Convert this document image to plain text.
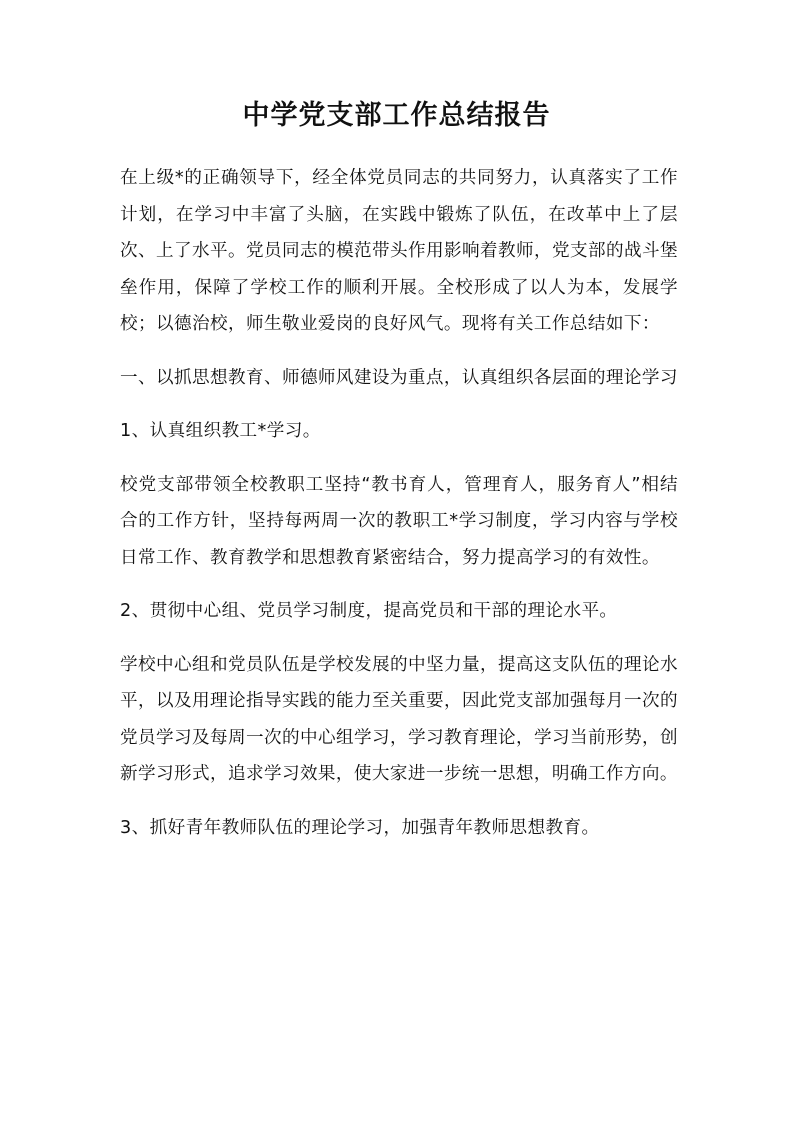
中学党支部工作总结报告

在上级*的正确领导下，经全体党员同志的共同努力，认真落实了工作计划，在学习中丰富了头脑，在实践中锻炼了队伍，在改革中上了层次、上了水平。党员同志的模范带头作用影响着教师，党支部的战斗堡垒作用，保障了学校工作的顺利开展。全校形成了以人为本，发展学校；以德治校，师生敬业爱岗的良好风气。现将有关工作总结如下：

一、以抓思想教育、师德师风建设为重点，认真组织各层面的理论学习

1、认真组织教工*学习。

校党支部带领全校教职工坚持“教书育人，管理育人，服务育人”相结合的工作方针，坚持每两周一次的教职工*学习制度，学习内容与学校日常工作、教育教学和思想教育紧密结合，努力提高学习的有效性。

2、贯彻中心组、党员学习制度，提高党员和干部的理论水平。

学校中心组和党员队伍是学校发展的中坚力量，提高这支队伍的理论水平，以及用理论指导实践的能力至关重要，因此党支部加强每月一次的党员学习及每周一次的中心组学习，学习教育理论，学习当前形势，创新学习形式，追求学习效果，使大家进一步统一思想，明确工作方向。

3、抓好青年教师队伍的理论学习，加强青年教师思想教育。
